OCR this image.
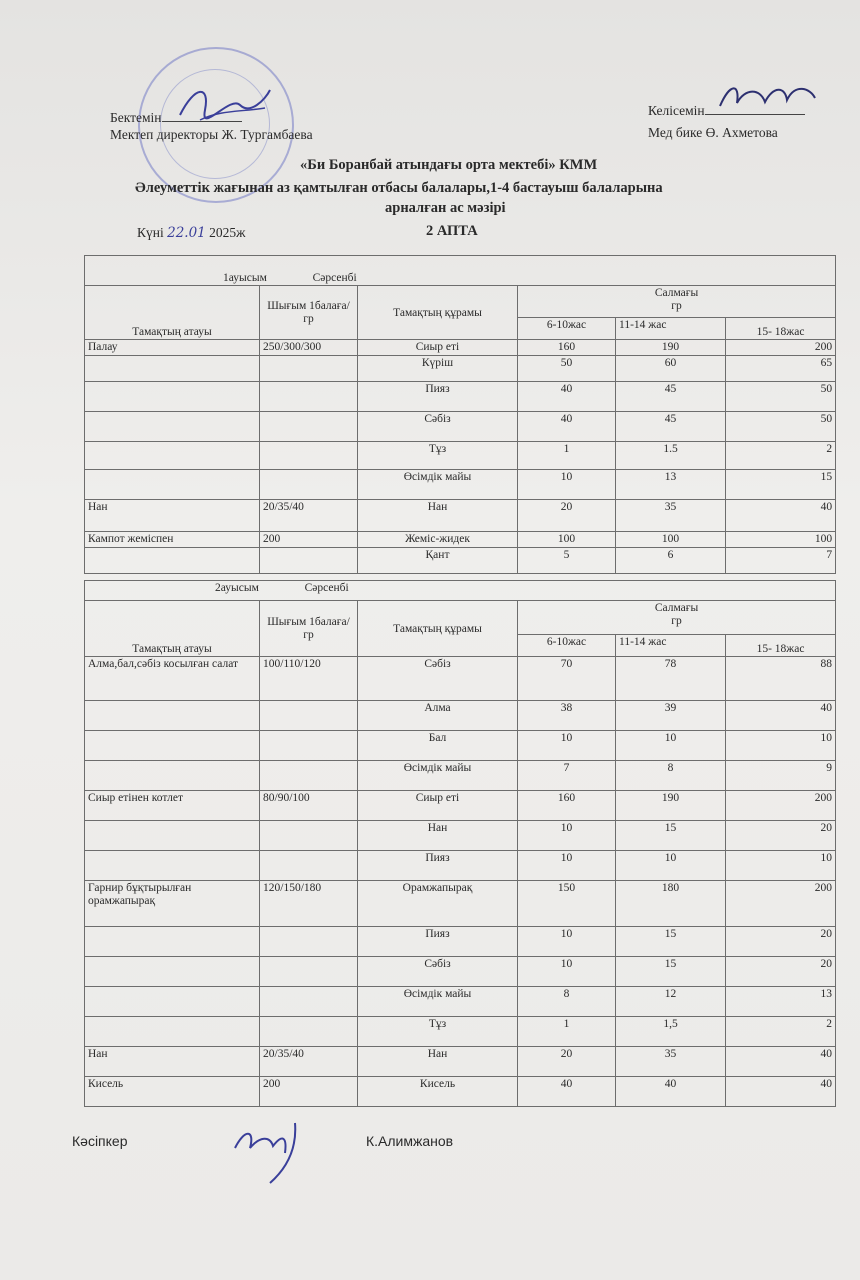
Бектемін
Мектеп директоры Ж. Тургамбаева
Келісемін
Мед бике Ө. Ахметова
«Би Боранбай атындағы орта мектебі» КММ
Әлеуметтік жағынан аз қамтылған отбасы балалары,1-4 бастауыш балаларына
арналған ас мәзірі
Күні 22.01 2025ж	2 АПТА
1ауысым Сәрсенбі					
Тамақтың атауы	Шығым 1балаға/гр	Тамақтың құрамы	Салмағы
гр		
			6-10жас	11-14 жас	15- 18жас
Палау	250/300/300	Сиыр еті	160	190	200
		Күріш	50	60	65
		Пияз	40	45	50
		Сәбіз	40	45	50
		Тұз	1	1.5	2
		Өсімдік майы	10	13	15
Нан	20/35/40	Нан	20	35	40
Кампот жеміспен	200	Жеміс-жидек	100	100	100
		Қант	5	6	7
2ауысым Сәрсенбі					
Тамақтың атауы	Шығым 1балаға/гр	Тамақтың құрамы	Салмағы
гр		
			6-10жас	11-14 жас	15- 18жас
Алма,бал,сәбіз косылған салат	100/110/120	Сәбіз	70	78	88
		Алма	38	39	40
		Бал	10	10	10
		Өсімдік майы	7	8	9
Сиыр етінен котлет	80/90/100	Сиыр еті	160	190	200
		Нан	10	15	20
		Пияз	10	10	10
Гарнир бұқтырылған орамжапырақ	120/150/180	Орамжапырақ	150	180	200
		Пияз	10	15	20
		Сәбіз	10	15	20
		Өсімдік майы	8	12	13
		Тұз	1	1,5	2
Нан	20/35/40	Нан	20	35	40
Кисель	200	Кисель	40	40	40
Кәсіпкер	К.Алимжанов
